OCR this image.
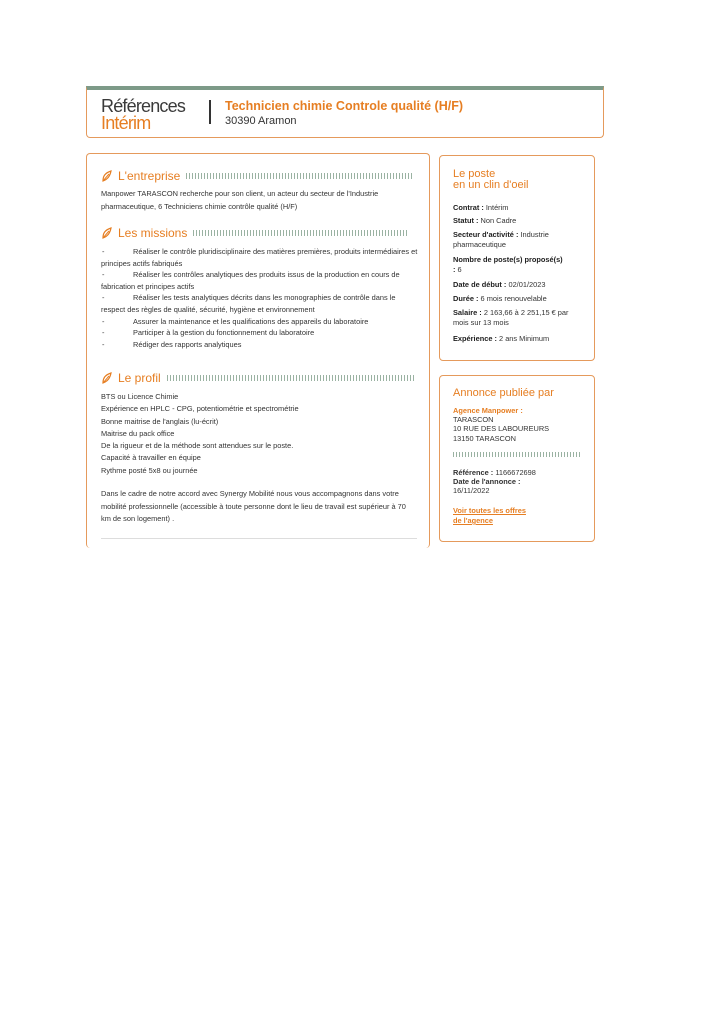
Références
Intérim
Technicien chimie Controle qualité (H/F)
30390 Aramon
L'entreprise
Manpower TARASCON recherche pour son client, un acteur du secteur de l'Industrie pharmaceutique, 6 Techniciens chimie contrôle qualité (H/F)
Les missions
-	Réaliser le contrôle pluridisciplinaire des matières premières, produits intermédiaires et principes actifs fabriqués
-	Réaliser les contrôles analytiques des produits issus de la production en cours de fabrication et principes actifs
-	Réaliser les tests analytiques décrits dans les monographies de contrôle dans le respect des règles de qualité, sécurité, hygiène et environnement
-	Assurer la maintenance et les qualifications des appareils du laboratoire
-	Participer à la gestion du fonctionnement du laboratoire
-	Rédiger des rapports analytiques
Le profil
BTS ou Licence Chimie
Expérience en HPLC - CPG, potentiométrie et spectrométrie
Bonne maitrise de l'anglais (lu-écrit)
Maitrise du pack office
De la rigueur et de la méthode sont attendues sur le poste.
Capacité à travailler en équipe
Rythme posté 5x8 ou journée
Dans le cadre de notre accord avec Synergy Mobilité nous vous accompagnons dans votre mobilité professionnelle (accessible à toute personne dont le lieu de travail est supérieur à 70 km de son logement) .
Le poste
en un clin d'oeil
Contrat : Intérim
Statut : Non Cadre
Secteur d'activité : Industrie pharmaceutique
Nombre de poste(s) proposé(s) : 6
Date de début : 02/01/2023
Durée : 6 mois renouvelable
Salaire : 2 163,66 à 2 251,15 € par mois sur 13 mois
Expérience : 2 ans Minimum
Annonce publiée par
Agence Manpower :
TARASCON
10 RUE DES LABOUREURS
13150 TARASCON
Référence : 1166672698
Date de l'annonce :
16/11/2022
Voir toutes les offres
de l'agence
